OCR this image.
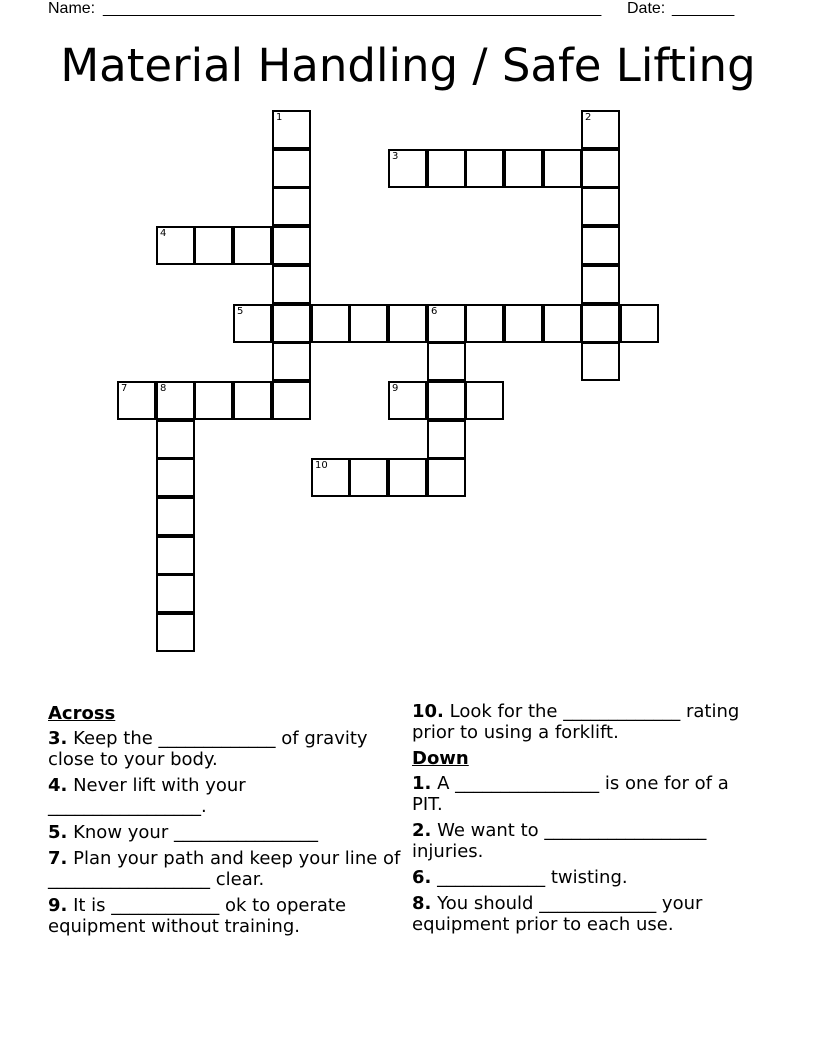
Name: ________________________________________________________ Date: _______
Material Handling / Safe Lifting
1	2
3
4
5	6
7	8	9
10
Across
3. Keep the _____________ of gravity close to your body.
4. Never lift with your _________________.
5. Know your ________________
7. Plan your path and keep your line of __________________ clear.
9. It is ____________ ok to operate equipment without training.
10. Look for the _____________ rating prior to using a forklift.
Down
1. A ________________ is one for of a PIT.
2. We want to __________________ injuries.
6. ____________ twisting.
8. You should _____________ your equipment prior to each use.
